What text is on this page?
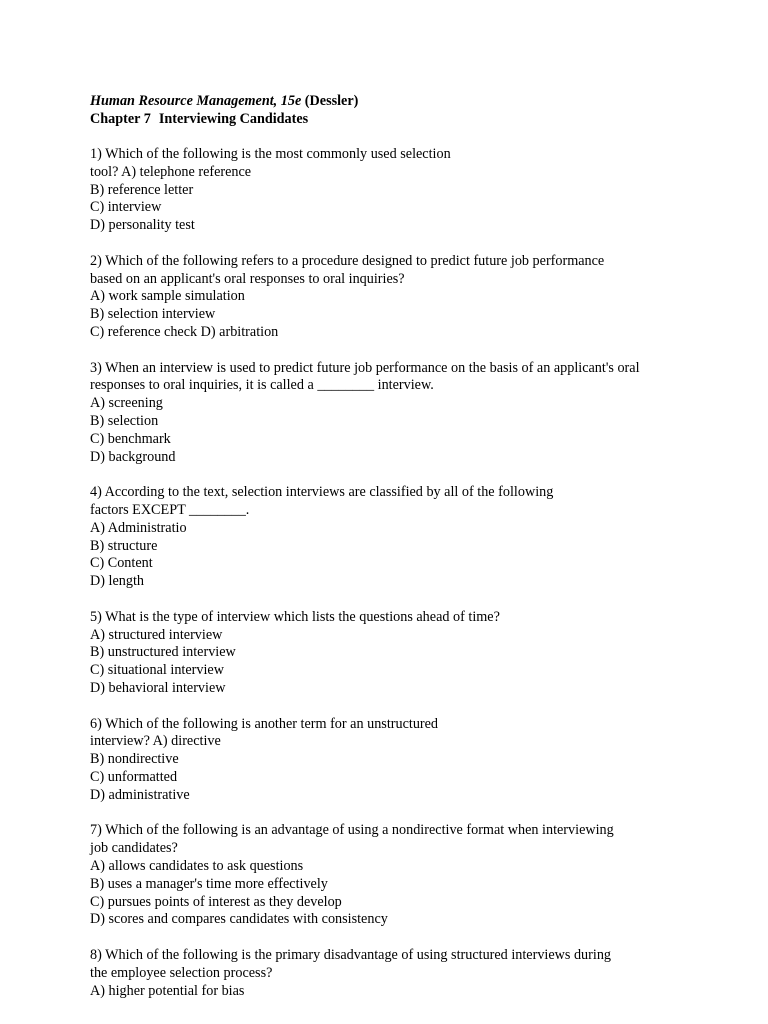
Human Resource Management, 15e (Dessler)
Chapter 7 Interviewing Candidates
1) Which of the following is the most commonly used selection
tool? A) telephone reference
B) reference letter
C) interview
D) personality test
2) Which of the following refers to a procedure designed to predict future job performance
based on an applicant's oral responses to oral inquiries?
A) work sample simulation
B) selection interview
C) reference check D) arbitration
3) When an interview is used to predict future job performance on the basis of an applicant's oral
responses to oral inquiries, it is called a ________ interview.
A) screening
B) selection
C) benchmark
D) background
4) According to the text, selection interviews are classified by all of the following
factors EXCEPT ________.
A) Administratio
B) structure
C) Content
D) length
5) What is the type of interview which lists the questions ahead of time?
A) structured interview
B) unstructured interview
C) situational interview
D) behavioral interview
6) Which of the following is another term for an unstructured
interview? A) directive
B) nondirective
C) unformatted
D) administrative
7) Which of the following is an advantage of using a nondirective format when interviewing
job candidates?
A) allows candidates to ask questions
B) uses a manager's time more effectively
C) pursues points of interest as they develop
D) scores and compares candidates with consistency
8) Which of the following is the primary disadvantage of using structured interviews during
the employee selection process?
A) higher potential for bias
